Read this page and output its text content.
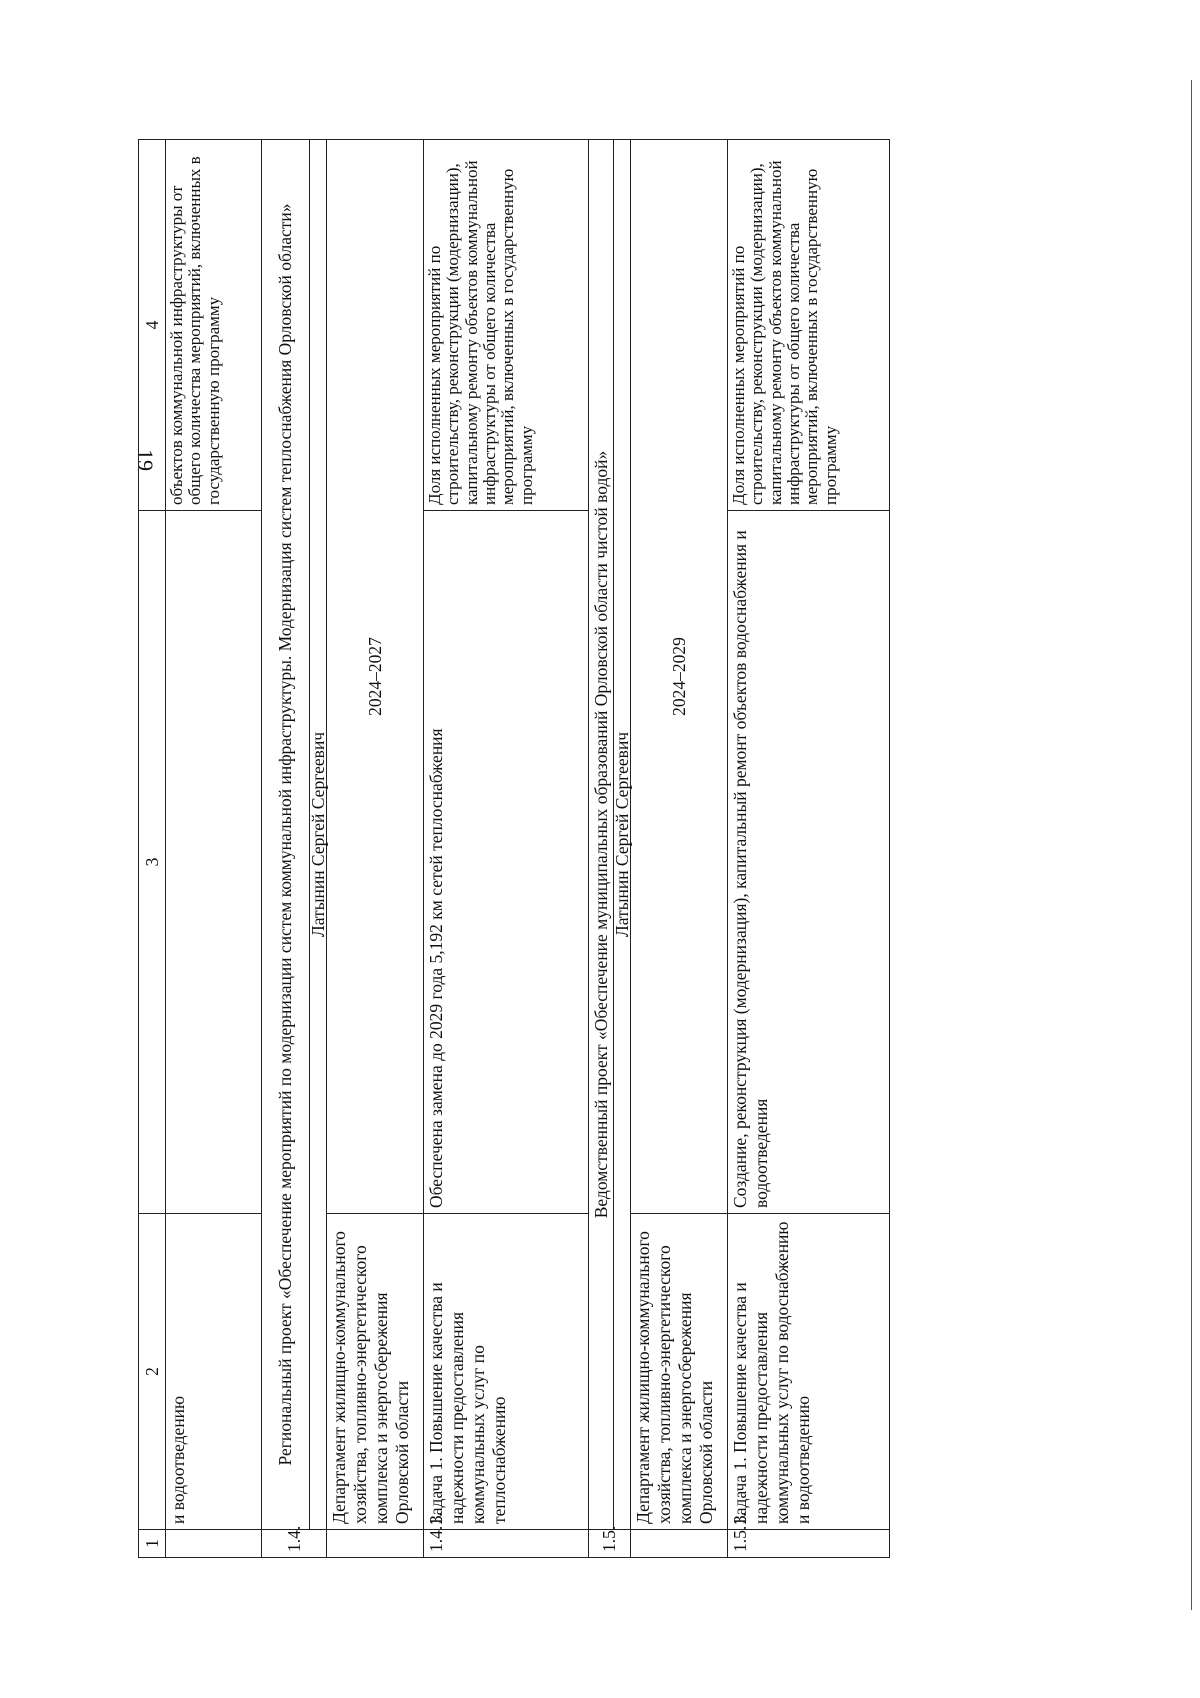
19
1	2	3	4
	и водоотведению		объектов коммунальной инфраструктуры от общего количества мероприятий, включенных в государственную программу
1.4.	Региональный проект «Обеспечение мероприятий по модернизации систем коммунальной инфраструктуры. Модернизация систем теплоснабжения Орловской области»		
	Латынин Сергей Сергеевич		
	Департамент жилищно-коммунального хозяйства, топливно-энергетического комплекса и энергосбережения Орловской области	2024–2027	
1.4.1.	Задача 1. Повышение качества и надежности предоставления коммунальных услуг по теплоснабжению	Обеспечена замена до 2029 года 5,192 км сетей теплоснабжения	Доля исполненных мероприятий по строительству, реконструкции (модернизации), капитальному ремонту объектов коммунальной инфраструктуры от общего количества мероприятий, включенных в государственную программу
1.5.	Ведомственный проект «Обеспечение муниципальных образований Орловской области чистой водой»		
	Латынин Сергей Сергеевич		
	Департамент жилищно-коммунального хозяйства, топливно-энергетического комплекса и энергосбережения Орловской области	2024–2029	
1.5.1.	Задача 1. Повышение качества и надежности предоставления коммунальных услуг по водоснабжению и водоотведению	Создание, реконструкция (модернизация), капитальный ремонт объектов водоснабжения и водоотведения	Доля исполненных мероприятий по строительству, реконструкции (модернизации), капитальному ремонту объектов коммунальной инфраструктуры от общего количества мероприятий, включенных в государственную программу
